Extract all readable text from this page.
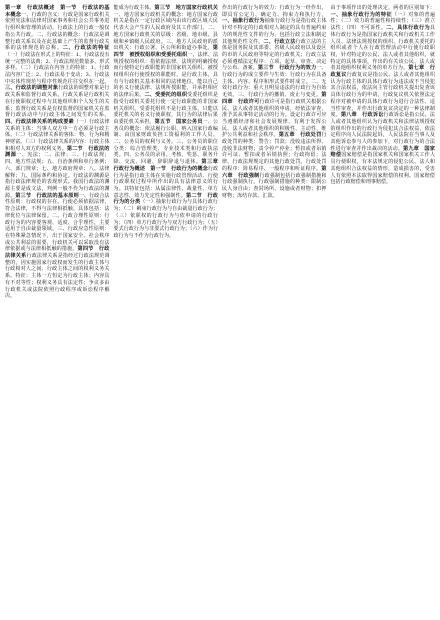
第一章　行政法概述　第一节　行政法的基本概念一、行政的含义：行政是国家行政机关依照宪法和法律对国家事务和社会公共事务进行组织和管理的活动。行政法上的行政一般仅指公共行政。二、行政法的概念：行政法是调整行政关系以及在此基础上产生的监督行政关系的法律规范的总称。二、行政法的特征（一）行政法在形式上的特征：1、行政法没有统一完整的法典；2、行政法规范数量多、形式多样。（二）行政法在内容上的特征：1、行政法内容广泛；2、行政法易于变动；3、行政法中实体性规范与程序性规范往往交织在一起。三、行政法的调整对象行政法的调整对象是行政关系和监督行政关系。行政关系是行政机关在行使职权过程中与其他组织和个人发生的关系；监督行政关系是有权监督的国家机关在监督行政活动中与行政主体之间发生的关系。四、行政法律关系的构成要素（一）行政法律关系的主体：当事人双方中一方必须是行政主体。（二）行政法律关系的客体：物、行为和精神财富。（三）行政法律关系的内容：行政主体和相对人双方的权利义务。第二节　行政法的渊源一、宪法；二、法律；三、行政法规；四、地方性法规；五、自治条例和单行条例；六、部门规章；七、地方政府规章；八、法律解释；九、国际条约和协定。行政法的渊源是指行政法律规范的表现形式。我国行政法的渊源主要是成文法，判例一般不作为行政法的渊源。第三节　行政法的基本原则一、行政合法性原则：行政权的存在、行使必须依据法律，符合法律，不得与法律相抵触。具体包括：法律优位与法律保留。二、行政合理性原则：行政行为的内容要客观、适度、合乎理性，主要适用于自由裁量领域。三、行政应急性原则：在特殊紧急情况下，出于国家安全、社会秩序或公共利益的需要，行政机关可以采取没有法律依据或与法律相抵触的措施。第四节　行政法律关系行政法律关系是指经过行政法规范调整的，因实施国家行政权而发生的行政主体与行政相对人之间、行政主体之间的权利义务关系。特征：主体一方恒定为行政主体；内容具有不对等性；权利义务具有法定性；争议多由行政机关或法院依照行政程序或诉讼程序解决。

能成为行政主体。第三节　地方国家行政机关一、地方国家行政机关的概念：地方国家行政机关是指在一定行政区域内由该行政区域人民代表大会产生的人民政府及其工作部门。二、地方国家行政机关的层级：省级、地市级、县级和乡镇级人民政府。三、地方人民政府的派出机关：行政公署、区公所和街道办事处。第四节　被授权组织和受委托组织一、法律、法规授权的组织：指依据法律、法规的明确授权而行使特定行政职能的非国家机关组织。被授权组织在行使授权的职能时，是行政主体，具有与行政机关基本相同的法律地位，能以自己的名义行使法律、法规所授职能，并承担相应的法律后果。二、受委托的组织受委托组织是指受行政机关委托行使一定行政职能的非国家机关组织。受委托组织不是行政主体，只能以委托机关的名义行使职权，其行为的法律后果由委托机关承担。第五节　国家公务员一、公务员的概念：依法履行公职、纳入国家行政编制、由国家财政负担工资福利的工作人员。二、公务员的权利与义务。三、公务员的职位分类：综合管理类、专业技术类和行政执法类。四、公务员的录用、考核、奖惩、职务升降、交流、回避、辞职辞退与退休。第三章　行政行为概述　第一节　行政行为的概念行政行为是指行政主体在实施行政管理活动、行使行政职权过程中所作出的具有法律意义的行为。其特征包括：从属法律性、裁量性、单方意志性、效力先定性和强制性。第二节　行政行为的分类（一）抽象行政行为与具体行政行为；（二）羁束行政行为与自由裁量行政行为；（三）依职权的行政行为与依申请的行政行为；（四）单方行政行为与双方行政行为；（五）要式行政行为与非要式行政行为；（六）作为行政行为与不作为行政行为。

作出的行政行为的效力：行政行为一经作出，即具有公定力、确定力、拘束力和执行力。一、抽象行政行为抽象行政行为是指行政主体针对不特定的行政相对人制定的具有普遍约束力的规范性文件的行为，包括行政立法和制定其他规范性文件。二、行政立法行政立法的主体是国务院及其部委、省级人民政府以及设区的市的人民政府等特定的行政机关；行政立法必须遵循法定程序：立项、起草、审查、决定与公布、备案。第三节　行政行为的效力一、行政行为的成立要件与生效：行政行为在具备主体、内容、程序和形式要件时成立。二、无效行政行为：重大且明显违法的行政行为自始无效。三、行政行为的撤销、废止与变更。第四章　行政许可行政许可是指行政机关根据公民、法人或者其他组织的申请，经依法审查，准予其从事特定活动的行为。设定行政许可应当遵循经济和社会发展规律，有利于发挥公民、法人或者其他组织的积极性、主动性，维护公共利益和社会秩序。第五章　行政处罚行政处罚的种类：警告；罚款；没收违法所得、没收非法财物；责令停产停业；暂扣或者吊销许可证、暂扣或者吊销执照；行政拘留；法律、行政法规规定的其他行政处罚。行政处罚的程序：简易程序、一般程序和听证程序。第六章　行政强制行政强制包括行政强制措施和行政强制执行。行政强制措施的种类：限制公民人身自由；查封场所、设施或者财物；扣押财物；冻结存款、汇款。

由于事项作出的处理决定，两者的区别如下：一、抽象行政行为的特征（一）对象的普遍性；（二）效力的普遍性和持续性；（三）准立法性；（四）不可诉性。二、具体行政行为具体行政行为是指国家行政机关和行政机关工作人员、法律法规授权的组织、行政机关委托的组织或者个人在行政管理活动中行使行政职权，针对特定的公民、法人或者其他组织，就特定的具体事项，作出的有关该公民、法人或者其他组织权利义务的单方行为。第七章　行政复议行政复议是指公民、法人或者其他组织认为行政主体的具体行政行为违法或不当侵犯其合法权益，依法向主管行政机关提出复查该具体行政行为的申请，行政复议机关依照法定程序对被申请的具体行政行为进行合法性、适当性审查，并作出行政复议决定的一种法律制度。第八章　行政诉讼行政诉讼是指公民、法人或者其他组织认为行政机关和法律法规授权的组织作出的行政行为侵犯其合法权益，依法定程序向人民法院起诉，人民法院在当事人及其他诉讼参与人的参加下，对行政行为的合法性进行审查并作出裁决的活动。第九章　国家赔偿国家赔偿是指国家机关和国家机关工作人员行使职权，有本法规定的侵犯公民、法人和其他组织合法权益的情形，造成损害的，受害人有依照本法取得国家赔偿的权利。国家赔偿包括行政赔偿和刑事赔偿。
